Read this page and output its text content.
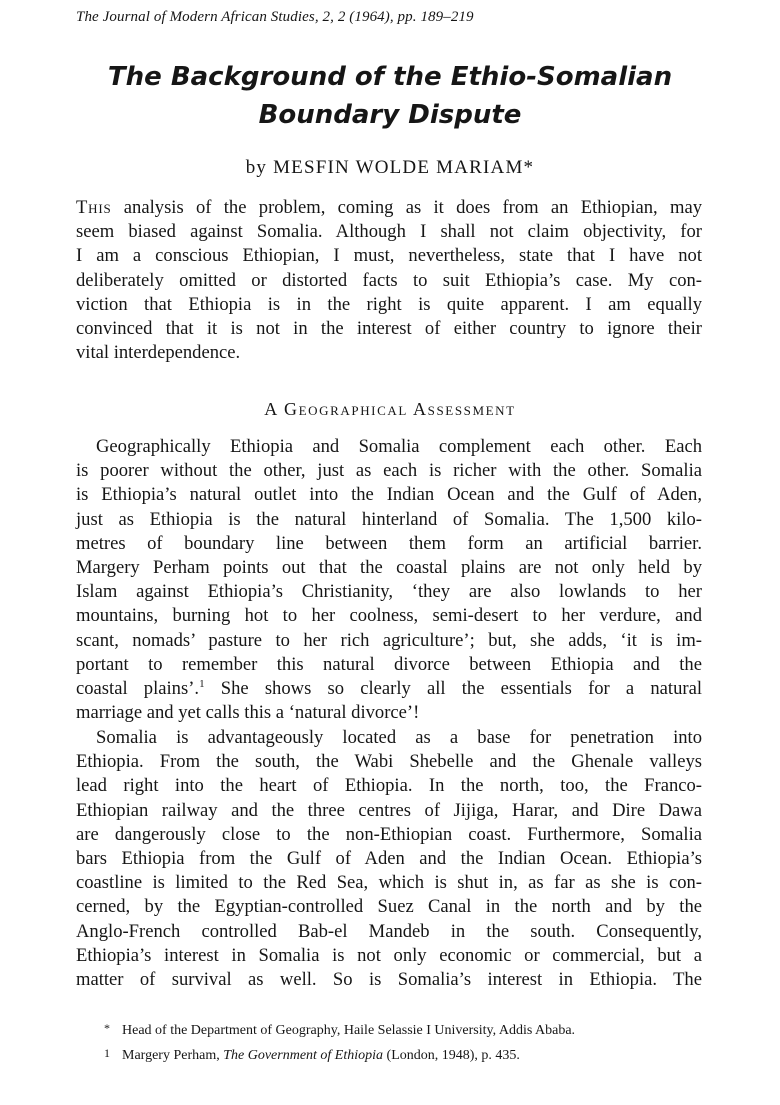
The Journal of Modern African Studies, 2, 2 (1964), pp. 189–219
The Background of the Ethio-Somalian
Boundary Dispute
by MESFIN WOLDE MARIAM*
This analysis of the problem, coming as it does from an Ethiopian, may
seem biased against Somalia. Although I shall not claim objectivity, for
I am a conscious Ethiopian, I must, nevertheless, state that I have not
deliberately omitted or distorted facts to suit Ethiopia’s case. My con-
viction that Ethiopia is in the right is quite apparent. I am equally
convinced that it is not in the interest of either country to ignore their
vital interdependence.
A Geographical Assessment
Geographically Ethiopia and Somalia complement each other. Each
is poorer without the other, just as each is richer with the other. Somalia
is Ethiopia’s natural outlet into the Indian Ocean and the Gulf of Aden,
just as Ethiopia is the natural hinterland of Somalia. The 1,500 kilo-
metres of boundary line between them form an artificial barrier.
Margery Perham points out that the coastal plains are not only held by
Islam against Ethiopia’s Christianity, ‘they are also lowlands to her
mountains, burning hot to her coolness, semi-desert to her verdure, and
scant, nomads’ pasture to her rich agriculture’; but, she adds, ‘it is im-
portant to remember this natural divorce between Ethiopia and the
coastal plains’.$^1$ She shows so clearly all the essentials for a natural
marriage and yet calls this a ‘natural divorce’!
Somalia is advantageously located as a base for penetration into
Ethiopia. From the south, the Wabi Shebelle and the Ghenale valleys
lead right into the heart of Ethiopia. In the north, too, the Franco-
Ethiopian railway and the three centres of Jijiga, Harar, and Dire Dawa
are dangerously close to the non-Ethiopian coast. Furthermore, Somalia
bars Ethiopia from the Gulf of Aden and the Indian Ocean. Ethiopia’s
coastline is limited to the Red Sea, which is shut in, as far as she is con-
cerned, by the Egyptian-controlled Suez Canal in the north and by the
Anglo-French controlled Bab-el Mandeb in the south. Consequently,
Ethiopia’s interest in Somalia is not only economic or commercial, but a
matter of survival as well. So is Somalia’s interest in Ethiopia. The
* Head of the Department of Geography, Haile Selassie I University, Addis Ababa.
1 Margery Perham, The Government of Ethiopia (London, 1948), p. 435.
